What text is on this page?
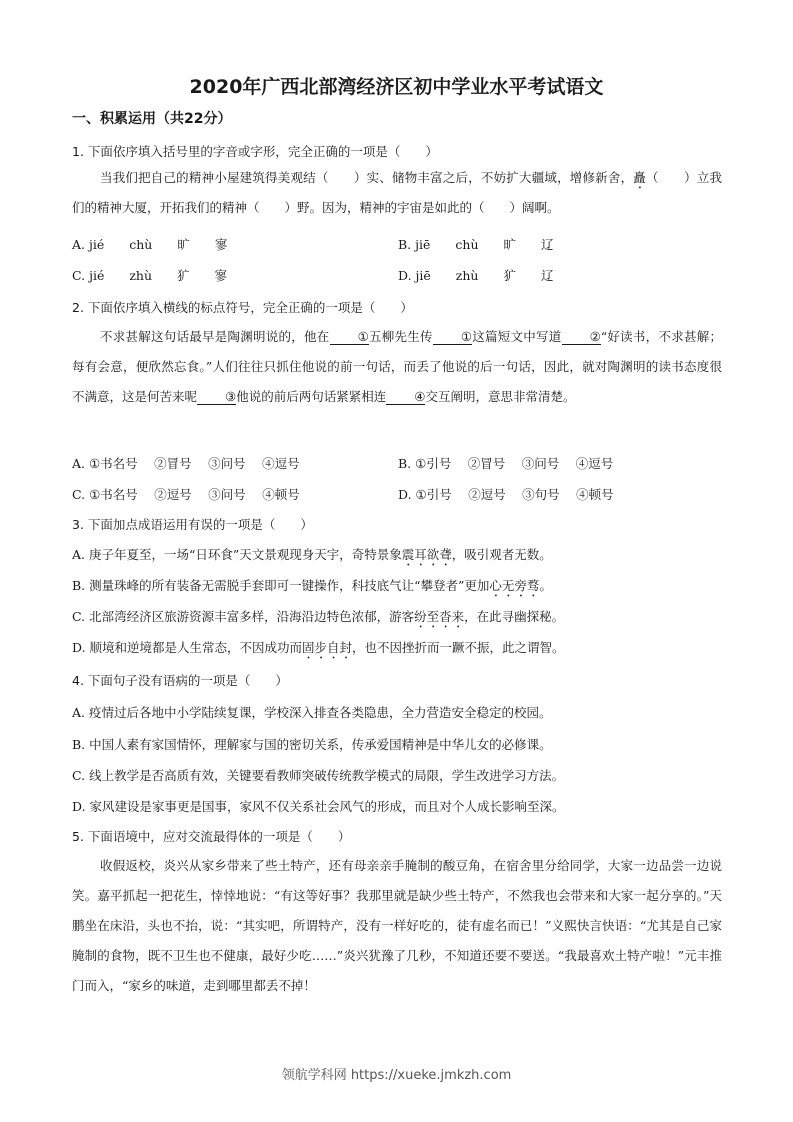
2020年广西北部湾经济区初中学业水平考试语文
一、积累运用（共22分）
1. 下面依序填入括号里的字音或字形，完全正确的一项是（　　）
当我们把自己的精神小屋建筑得美观结（　　）实、储物丰富之后，不妨扩大疆域，增修新舍，矗（　　）立我们的精神大厦，开拓我们的精神（　　）野。因为，精神的宇宙是如此的（　　）阔啊。
A. jié　　chù　　旷　　寥	B. jiē　　chù　　旷　　辽
C. jié　　zhù　　犷　　寥	D. jiē　　zhù　　犷　　辽
2. 下面依序填入横线的标点符号，完全正确的一项是（　　）
不求甚解这句话最早是陶渊明说的，他在 ①五柳先生传 ①这篇短文中写道 ②“好读书，不求甚解；每有会意，便欣然忘食。”人们往往只抓住他说的前一句话，而丢了他说的后一句话，因此，就对陶渊明的读书态度很不满意，这是何苦来呢 ③他说的前后两句话紧紧相连 ④交互阐明，意思非常清楚。
A. ①书名号　 ②冒号　 ③问号　 ④逗号	B. ①引号　 ②冒号　 ③问号　 ④逗号
C. ①书名号　 ②逗号　 ③问号　 ④顿号	D. ①引号　 ②逗号　 ③句号　 ④顿号
3. 下面加点成语运用有误的一项是（　　）
A. 庚子年夏至，一场“日环食”天文景观现身天宇，奇特景象震耳欲聋，吸引观者无数。
B. 测量珠峰的所有装备无需脱手套即可一键操作，科技底气让“攀登者”更加心无旁骛。
C. 北部湾经济区旅游资源丰富多样，沿海沿边特色浓郁，游客纷至沓来，在此寻幽探秘。
D. 顺境和逆境都是人生常态，不因成功而固步自封，也不因挫折而一蹶不振，此之谓智。
4. 下面句子没有语病的一项是（　　）
A. 疫情过后各地中小学陆续复课，学校深入排查各类隐患，全力营造安全稳定的校园。
B. 中国人素有家国情怀，理解家与国的密切关系，传承爱国精神是中华儿女的必修课。
C. 线上教学是否高质有效，关键要看教师突破传统教学模式的局限，学生改进学习方法。
D. 家风建设是家事更是国事，家风不仅关系社会风气的形成，而且对个人成长影响至深。
5. 下面语境中，应对交流最得体的一项是（　　）
收假返校，炎兴从家乡带来了些土特产，还有母亲亲手腌制的酸豆角，在宿舍里分给同学，大家一边品尝一边说笑。嘉平抓起一把花生，悻悻地说：“有这等好事？我那里就是缺少些土特产，不然我也会带来和大家一起分享的。”天鹏坐在床沿，头也不抬，说：“其实吧，所谓特产，没有一样好吃的，徒有虚名而已！”义熙快言快语：“尤其是自己家腌制的食物，既不卫生也不健康，最好少吃……”炎兴犹豫了几秒，不知道还要不要送。“我最喜欢土特产啦！”元丰推门而入，“家乡的味道，走到哪里都丢不掉！
领航学科网 https://xueke.jmkzh.com
